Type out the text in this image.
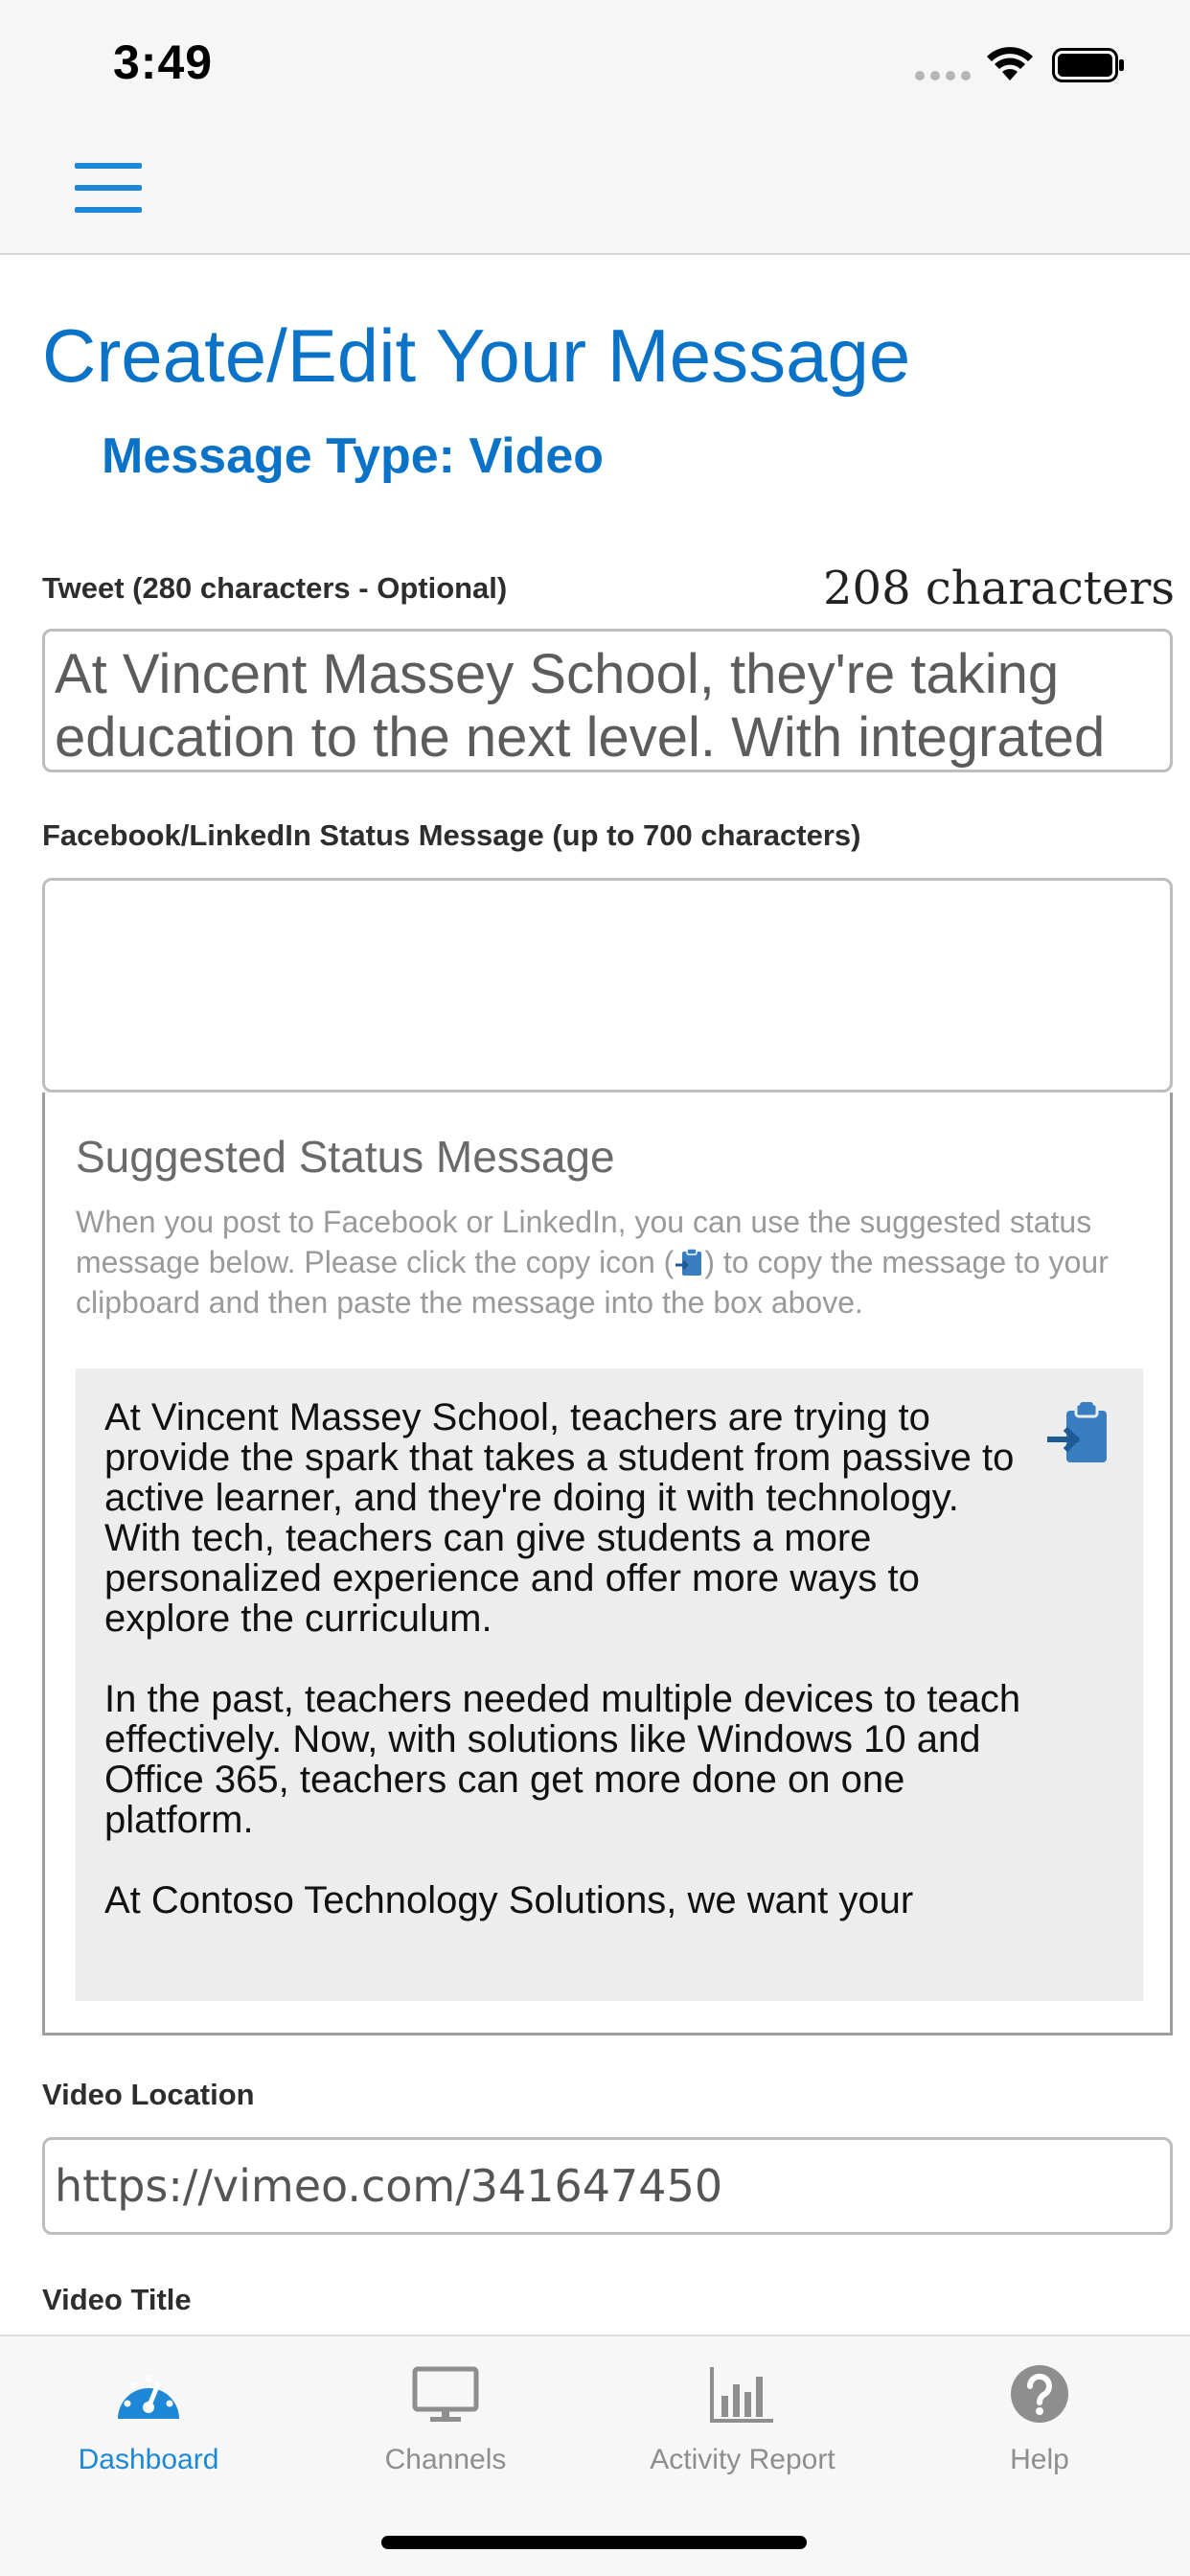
3:49
Create/Edit Your Message
Message Type: Video
Tweet (280 characters - Optional)	208 characters
At Vincent Massey School, they're taking education to the next level. With integrated
Facebook/LinkedIn Status Message (up to 700 characters)
Suggested Status Message
When you post to Facebook or LinkedIn, you can use the suggested status message below. Please click the copy icon ( ) to copy the message to your clipboard and then paste the message into the box above.

At Vincent Massey School, teachers are trying to provide the spark that takes a student from passive to active learner, and they're doing it with technology. With tech, teachers can give students a more personalized experience and offer more ways to explore the curriculum.

In the past, teachers needed multiple devices to teach effectively. Now, with solutions like Windows 10 and Office 365, teachers can get more done on one platform.

At Contoso Technology Solutions, we want your

Video Location
https://vimeo.com/341647450
Video Title
Dashboard	Channels	Activity Report	Help
